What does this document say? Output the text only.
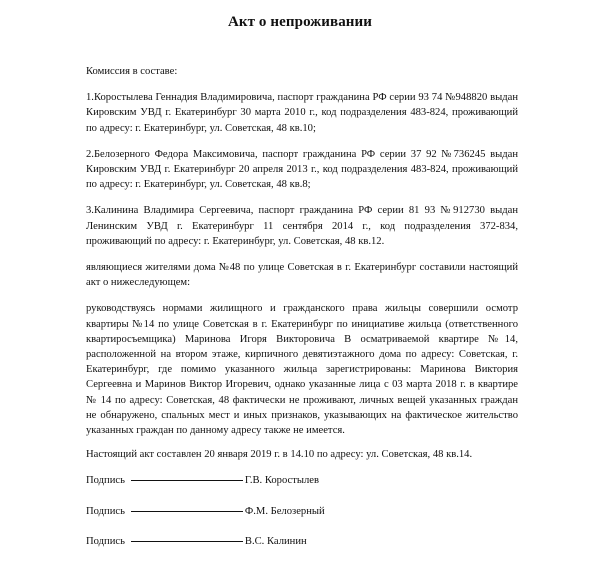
Акт о непроживании

Комиссия в составе:

1.Коростылева Геннадия Владимировича, паспорт гражданина РФ серии 93 74 №948820 выдан Кировским УВД г. Екатеринбург 30 марта 2010 г., код подразделения 483-824, проживающий по адресу: г. Екатеринбург, ул. Советская, 48 кв.10;

2.Белозерного Федора Максимовича, паспорт гражданина РФ серии 37 92 №736245 выдан Кировским УВД г. Екатеринбург 20 апреля 2013 г., код подразделения 483-824, проживающий по адресу: г. Екатеринбург, ул. Советская, 48 кв.8;

3.Калинина Владимира Сергеевича, паспорт гражданина РФ серии 81 93 №912730 выдан Ленинским УВД г. Екатеринбург 11 сентября 2014 г., код подразделения 372-834, проживающий по адресу: г. Екатеринбург, ул. Советская, 48 кв.12.

являющиеся жителями дома №48 по улице Советская в г. Екатеринбург составили настоящий акт о нижеследующем:

руководствуясь нормами жилищного и гражданского права жильцы совершили осмотр квартиры №14 по улице Советская в г. Екатеринбург по инициативе жильца (ответственного квартиросъемщика) Маринова Игоря Викторовича В осматриваемой квартире №14, расположенной на втором этаже, кирпичного девятиэтажного дома по адресу: Советская, г. Екатеринбург, где помимо указанного жильца зарегистрированы: Маринова Виктория Сергеевна и Маринов Виктор Игоревич, однако указанные лица с 03 марта 2018 г. в квартире № 14 по адресу: Советская, 48 фактически не проживают, личных вещей указанных граждан не обнаружено, спальных мест и иных признаков, указывающих на фактическое жительство указанных граждан по данному адресу также не имеется.

Настоящий акт составлен 20 января 2019 г. в 14.10 по адресу: ул. Советская, 48 кв.14.

Подпись	Г.В. Коростылев
Подпись	Ф.М. Белозерный
Подпись	В.С. Калинин
